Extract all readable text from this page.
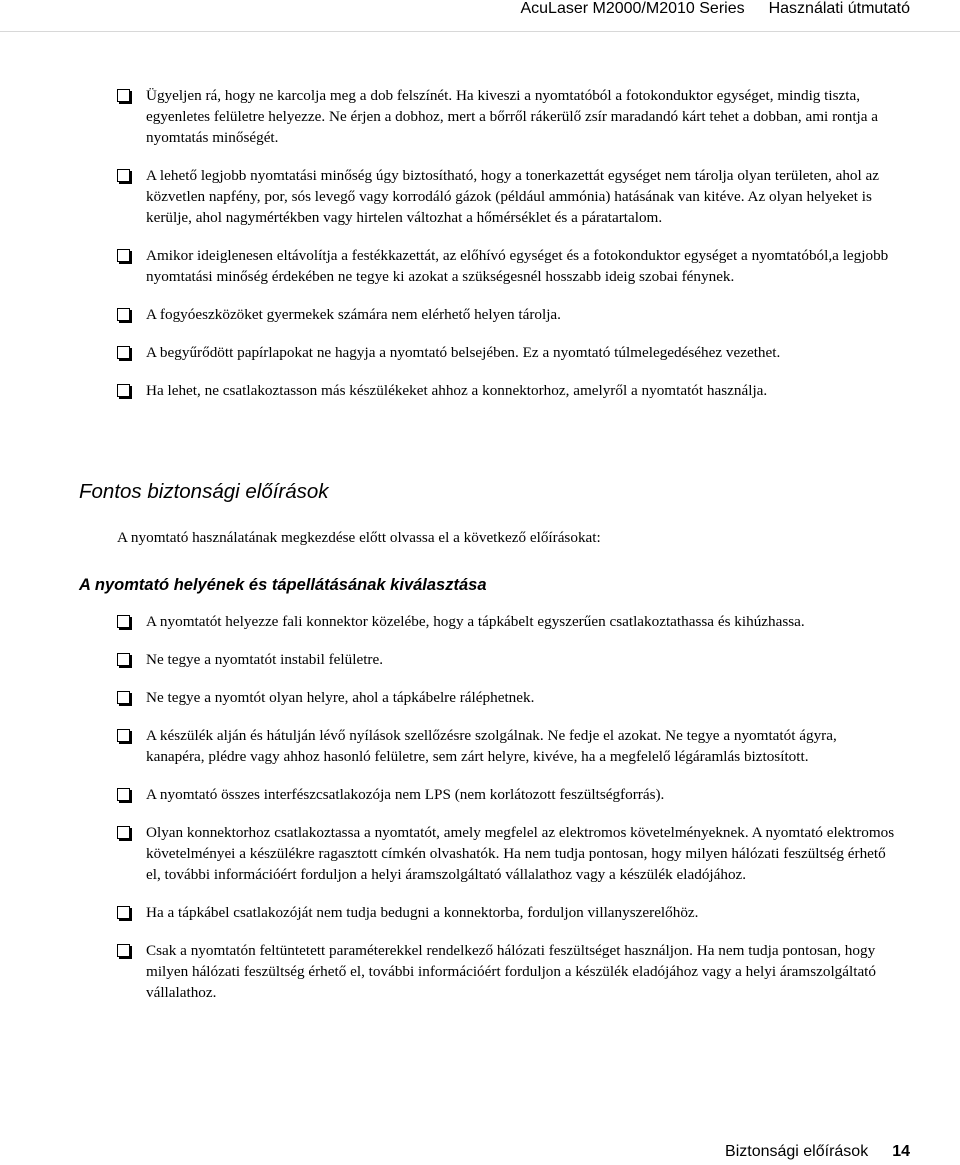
AcuLaser M2000/M2010 Series Használati útmutató
Ügyeljen rá, hogy ne karcolja meg a dob felszínét. Ha kiveszi a nyomtatóból a fotokonduktor egységet, mindig tiszta, egyenletes felületre helyezze. Ne érjen a dobhoz, mert a bőrről rákerülő zsír maradandó kárt tehet a dobban, ami rontja a nyomtatás minőségét.
A lehető legjobb nyomtatási minőség úgy biztosítható, hogy a tonerkazettát egységet nem tárolja olyan területen, ahol az közvetlen napfény, por, sós levegő vagy korrodáló gázok (például ammónia) hatásának van kitéve. Az olyan helyeket is kerülje, ahol nagymértékben vagy hirtelen változhat a hőmérséklet és a páratartalom.
Amikor ideiglenesen eltávolítja a festékkazettát, az előhívó egységet és a fotokonduktor egységet a nyomtatóból,a legjobb nyomtatási minőség érdekében ne tegye ki azokat a szükségesnél hosszabb ideig szobai fénynek.
A fogyóeszközöket gyermekek számára nem elérhető helyen tárolja.
A begyűrődött papírlapokat ne hagyja a nyomtató belsejében. Ez a nyomtató túlmelegedéséhez vezethet.
Ha lehet, ne csatlakoztasson más készülékeket ahhoz a konnektorhoz, amelyről a nyomtatót használja.
Fontos biztonsági előírások

A nyomtató használatának megkezdése előtt olvassa el a következő előírásokat:

A nyomtató helyének és tápellátásának kiválasztása
A nyomtatót helyezze fali konnektor közelébe, hogy a tápkábelt egyszerűen csatlakoztathassa és kihúzhassa.
Ne tegye a nyomtatót instabil felületre.
Ne tegye a nyomtót olyan helyre, ahol a tápkábelre ráléphetnek.
A készülék alján és hátulján lévő nyílások szellőzésre szolgálnak. Ne fedje el azokat. Ne tegye a nyomtatót ágyra, kanapéra, plédre vagy ahhoz hasonló felületre, sem zárt helyre, kivéve, ha a megfelelő légáramlás biztosított.
A nyomtató összes interfészcsatlakozója nem LPS (nem korlátozott feszültségforrás).
Olyan konnektorhoz csatlakoztassa a nyomtatót, amely megfelel az elektromos követelményeknek. A nyomtató elektromos követelményei a készülékre ragasztott címkén olvashatók. Ha nem tudja pontosan, hogy milyen hálózati feszültség érhető el, további információért forduljon a helyi áramszolgáltató vállalathoz vagy a készülék eladójához.
Ha a tápkábel csatlakozóját nem tudja bedugni a konnektorba, forduljon villanyszerelőhöz.
Csak a nyomtatón feltüntetett paraméterekkel rendelkező hálózati feszültséget használjon. Ha nem tudja pontosan, hogy milyen hálózati feszültség érhető el, további információért forduljon a készülék eladójához vagy a helyi áramszolgáltató vállalathoz.
Biztonsági előírások 14
